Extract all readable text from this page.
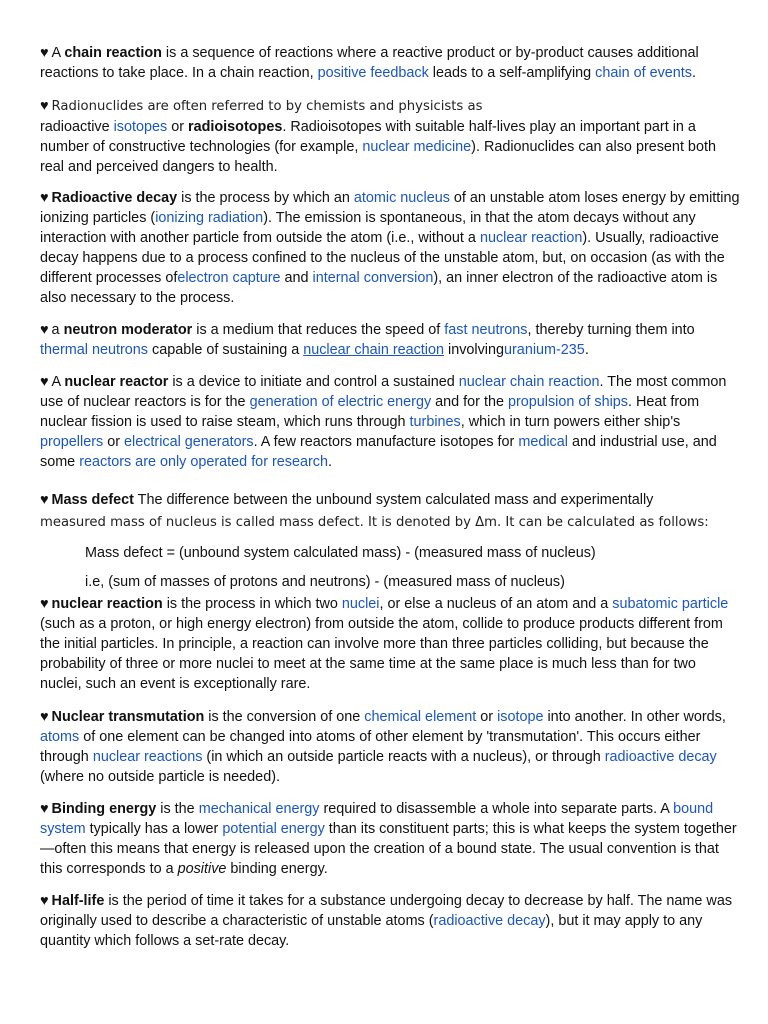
♥ A chain reaction is a sequence of reactions where a reactive product or by-product causes additional reactions to take place. In a chain reaction, positive feedback leads to a self-amplifying chain of events.

♥ Radionuclides are often referred to by chemists and physicists as

radioactive isotopes or radioisotopes. Radioisotopes with suitable half-lives play an important part in a number of constructive technologies (for example, nuclear medicine). Radionuclides can also present both real and perceived dangers to health.

♥ Radioactive decay is the process by which an atomic nucleus of an unstable atom loses energy by emitting ionizing particles (ionizing radiation). The emission is spontaneous, in that the atom decays without any interaction with another particle from outside the atom (i.e., without a nuclear reaction). Usually, radioactive decay happens due to a process confined to the nucleus of the unstable atom, but, on occasion (as with the different processes ofelectron capture and internal conversion), an inner electron of the radioactive atom is also necessary to the process.

♥ a neutron moderator is a medium that reduces the speed of fast neutrons, thereby turning them into thermal neutrons capable of sustaining a nuclear chain reaction involvinguranium-235.

♥ A nuclear reactor is a device to initiate and control a sustained nuclear chain reaction. The most common use of nuclear reactors is for the generation of electric energy and for the propulsion of ships. Heat from nuclear fission is used to raise steam, which runs through turbines, which in turn powers either ship's propellers or electrical generators. A few reactors manufacture isotopes for medical and industrial use, and some reactors are only operated for research.

♥ Mass defect The difference between the unbound system calculated mass and experimentally

measured mass of nucleus is called mass defect. It is denoted by Δm. It can be calculated as follows:

Mass defect = (unbound system calculated mass) - (measured mass of nucleus)
i.e, (sum of masses of protons and neutrons) - (measured mass of nucleus)

♥ nuclear reaction is the process in which two nuclei, or else a nucleus of an atom and a subatomic particle (such as a proton, or high energy electron) from outside the atom, collide to produce products different from the initial particles. In principle, a reaction can involve more than three particles colliding, but because the probability of three or more nuclei to meet at the same time at the same place is much less than for two nuclei, such an event is exceptionally rare.

♥ Nuclear transmutation is the conversion of one chemical element or isotope into another. In other words, atoms of one element can be changed into atoms of other element by 'transmutation'. This occurs either through nuclear reactions (in which an outside particle reacts with a nucleus), or through radioactive decay (where no outside particle is needed).

♥ Binding energy is the mechanical energy required to disassemble a whole into separate parts. A bound system typically has a lower potential energy than its constituent parts; this is what keeps the system together—often this means that energy is released upon the creation of a bound state. The usual convention is that this corresponds to a positive binding energy.

♥ Half-life is the period of time it takes for a substance undergoing decay to decrease by half. The name was originally used to describe a characteristic of unstable atoms (radioactive decay), but it may apply to any quantity which follows a set-rate decay.
